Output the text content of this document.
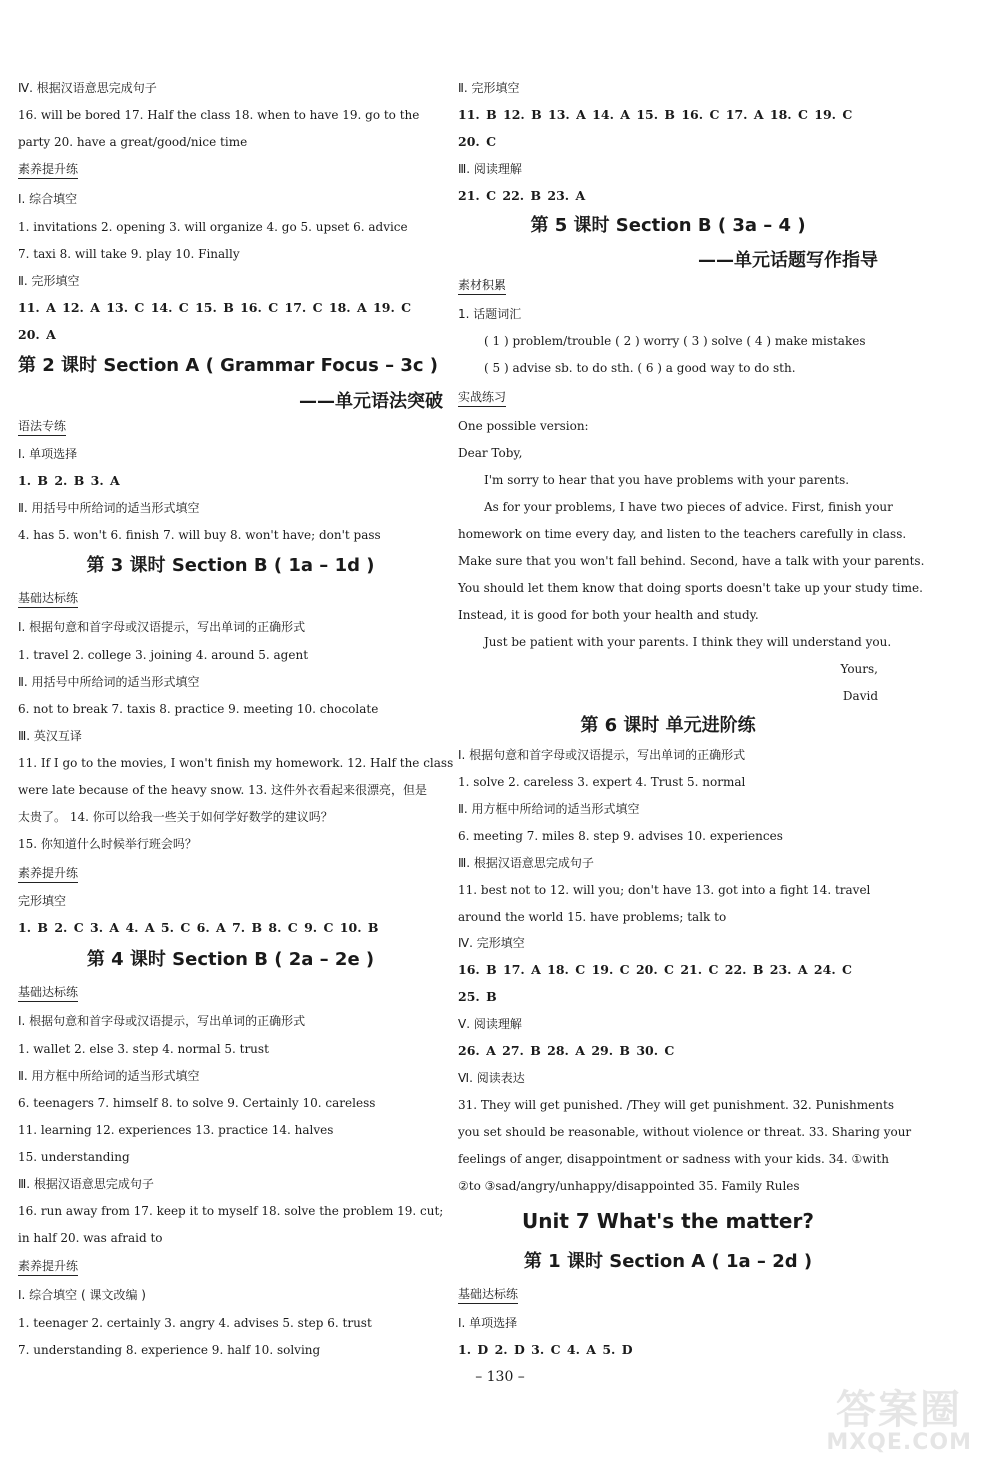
Ⅳ. 根据汉语意思完成句子
16. will be bored 17. Half the class 18. when to have 19. go to the
party 20. have a great/good/nice time
素养提升练
Ⅰ. 综合填空
1. invitations 2. opening 3. will organize 4. go 5. upset 6. advice
7. taxi 8. will take 9. play 10. Finally
Ⅱ. 完形填空
11. A 12. A 13. C 14. C 15. B 16. C 17. C 18. A 19. C
20. A
第 2 课时 Section A ( Grammar Focus – 3c )
——单元语法突破
语法专练
Ⅰ. 单项选择
1. B 2. B 3. A
Ⅱ. 用括号中所给词的适当形式填空
4. has 5. won't 6. finish 7. will buy 8. won't have; don't pass
第 3 课时 Section B ( 1a – 1d )
基础达标练
Ⅰ. 根据句意和首字母或汉语提示，写出单词的正确形式
1. travel 2. college 3. joining 4. around 5. agent
Ⅱ. 用括号中所给词的适当形式填空
6. not to break 7. taxis 8. practice 9. meeting 10. chocolate
Ⅲ. 英汉互译
11. If I go to the movies, I won't finish my homework. 12. Half the class
were late because of the heavy snow. 13. 这件外衣看起来很漂亮，但是
太贵了。 14. 你可以给我一些关于如何学好数学的建议吗？
15. 你知道什么时候举行班会吗？
素养提升练
完形填空
1. B 2. C 3. A 4. A 5. C 6. A 7. B 8. C 9. C 10. B
第 4 课时 Section B ( 2a – 2e )
基础达标练
Ⅰ. 根据句意和首字母或汉语提示，写出单词的正确形式
1. wallet 2. else 3. step 4. normal 5. trust
Ⅱ. 用方框中所给词的适当形式填空
6. teenagers 7. himself 8. to solve 9. Certainly 10. careless
11. learning 12. experiences 13. practice 14. halves
15. understanding
Ⅲ. 根据汉语意思完成句子
16. run away from 17. keep it to myself 18. solve the problem 19. cut;
in half 20. was afraid to
素养提升练
Ⅰ. 综合填空 ( 课文改编 )
1. teenager 2. certainly 3. angry 4. advises 5. step 6. trust
7. understanding 8. experience 9. half 10. solving
Ⅱ. 完形填空
11. B 12. B 13. A 14. A 15. B 16. C 17. A 18. C 19. C
20. C
Ⅲ. 阅读理解
21. C 22. B 23. A
第 5 课时 Section B ( 3a – 4 )
——单元话题写作指导
素材积累
1. 话题词汇
( 1 ) problem/trouble ( 2 ) worry ( 3 ) solve ( 4 ) make mistakes
( 5 ) advise sb. to do sth. ( 6 ) a good way to do sth.
实战练习
One possible version:
Dear Toby,
I'm sorry to hear that you have problems with your parents.
As for your problems, I have two pieces of advice. First, finish your
homework on time every day, and listen to the teachers carefully in class.
Make sure that you won't fall behind. Second, have a talk with your parents.
You should let them know that doing sports doesn't take up your study time.
Instead, it is good for both your health and study.
Just be patient with your parents. I think they will understand you.
Yours,
David
第 6 课时 单元进阶练
Ⅰ. 根据句意和首字母或汉语提示，写出单词的正确形式
1. solve 2. careless 3. expert 4. Trust 5. normal
Ⅱ. 用方框中所给词的适当形式填空
6. meeting 7. miles 8. step 9. advises 10. experiences
Ⅲ. 根据汉语意思完成句子
11. best not to 12. will you; don't have 13. got into a fight 14. travel
around the world 15. have problems; talk to
Ⅳ. 完形填空
16. B 17. A 18. C 19. C 20. C 21. C 22. B 23. A 24. C
25. B
Ⅴ. 阅读理解
26. A 27. B 28. A 29. B 30. C
Ⅵ. 阅读表达
31. They will get punished. /They will get punishment. 32. Punishments
you set should be reasonable, without violence or threat. 33. Sharing your
feelings of anger, disappointment or sadness with your kids. 34. ①with
②to ③sad/angry/unhappy/disappointed 35. Family Rules
Unit 7 What's the matter?
第 1 课时 Section A ( 1a – 2d )
基础达标练
Ⅰ. 单项选择
1. D 2. D 3. C 4. A 5. D
– 130 –
答案圈
MXQE.COM
